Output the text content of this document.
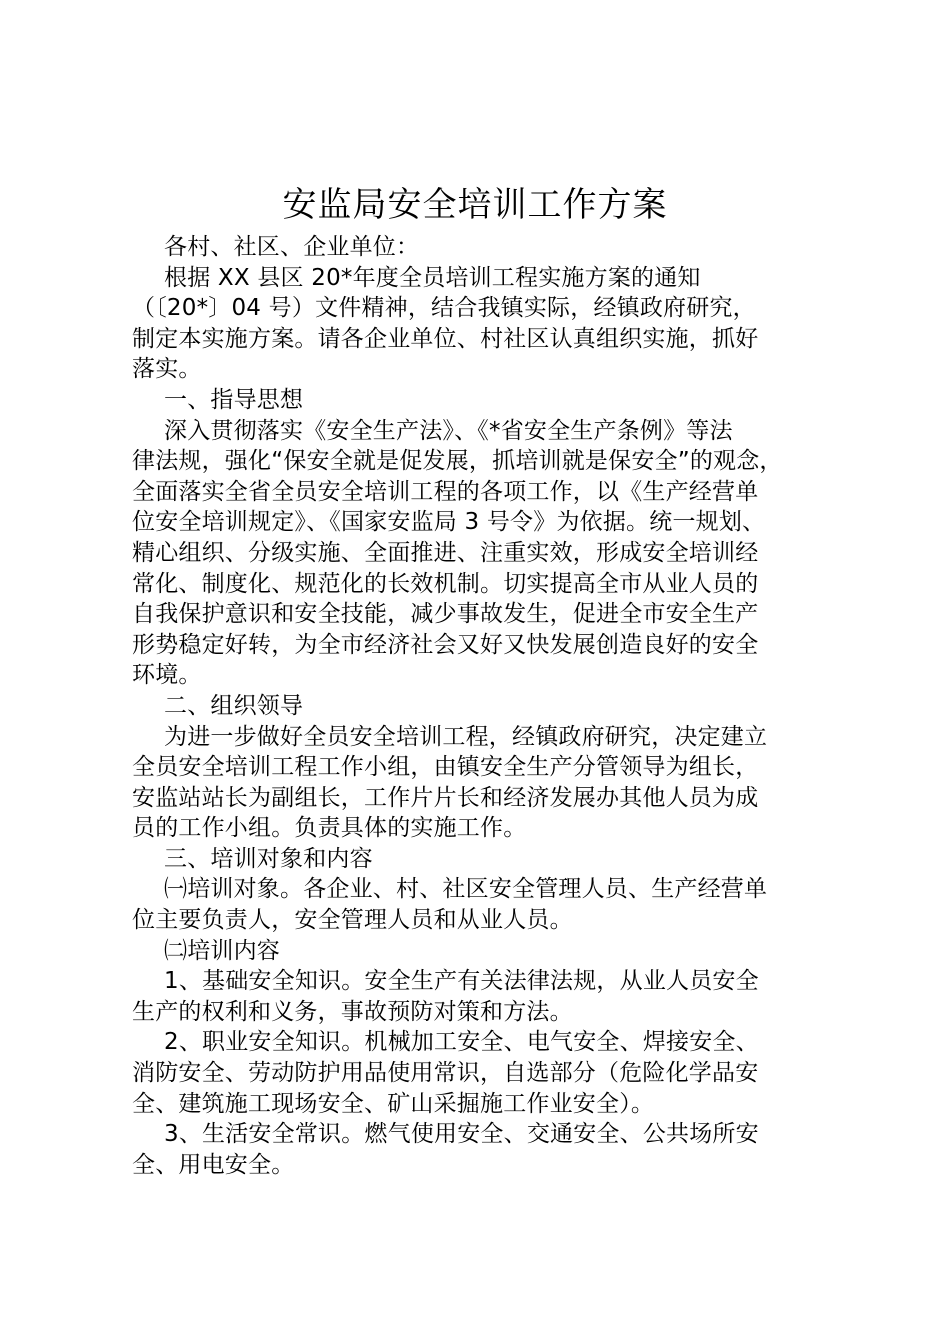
安监局安全培训工作方案
各村、社区、企业单位：
根据 XX 县区 20*年度全员培训工程实施方案的通知
（〔20*〕04 号）文件精神，结合我镇实际，经镇政府研究，
制定本实施方案。请各企业单位、村社区认真组织实施，抓好
落实。
一、指导思想
深入贯彻落实《安全生产法》、《*省安全生产条例》等法
律法规，强化“保安全就是促发展，抓培训就是保安全”的观念，
全面落实全省全员安全培训工程的各项工作，以《生产经营单
位安全培训规定》、《国家安监局 3 号令》为依据。统一规划、
精心组织、分级实施、全面推进、注重实效，形成安全培训经
常化、制度化、规范化的长效机制。切实提高全市从业人员的
自我保护意识和安全技能，减少事故发生，促进全市安全生产
形势稳定好转，为全市经济社会又好又快发展创造良好的安全
环境。
二、组织领导
为进一步做好全员安全培训工程，经镇政府研究，决定建立
全员安全培训工程工作小组，由镇安全生产分管领导为组长，
安监站站长为副组长，工作片片长和经济发展办其他人员为成
员的工作小组。负责具体的实施工作。
三、培训对象和内容
㈠培训对象。各企业、村、社区安全管理人员、生产经营单
位主要负责人，安全管理人员和从业人员。
㈡培训内容
1、基础安全知识。安全生产有关法律法规，从业人员安全
生产的权利和义务，事故预防对策和方法。
2、职业安全知识。机械加工安全、电气安全、焊接安全、
消防安全、劳动防护用品使用常识，自选部分（危险化学品安
全、建筑施工现场安全、矿山采掘施工作业安全）。
3、生活安全常识。燃气使用安全、交通安全、公共场所安
全、用电安全。
